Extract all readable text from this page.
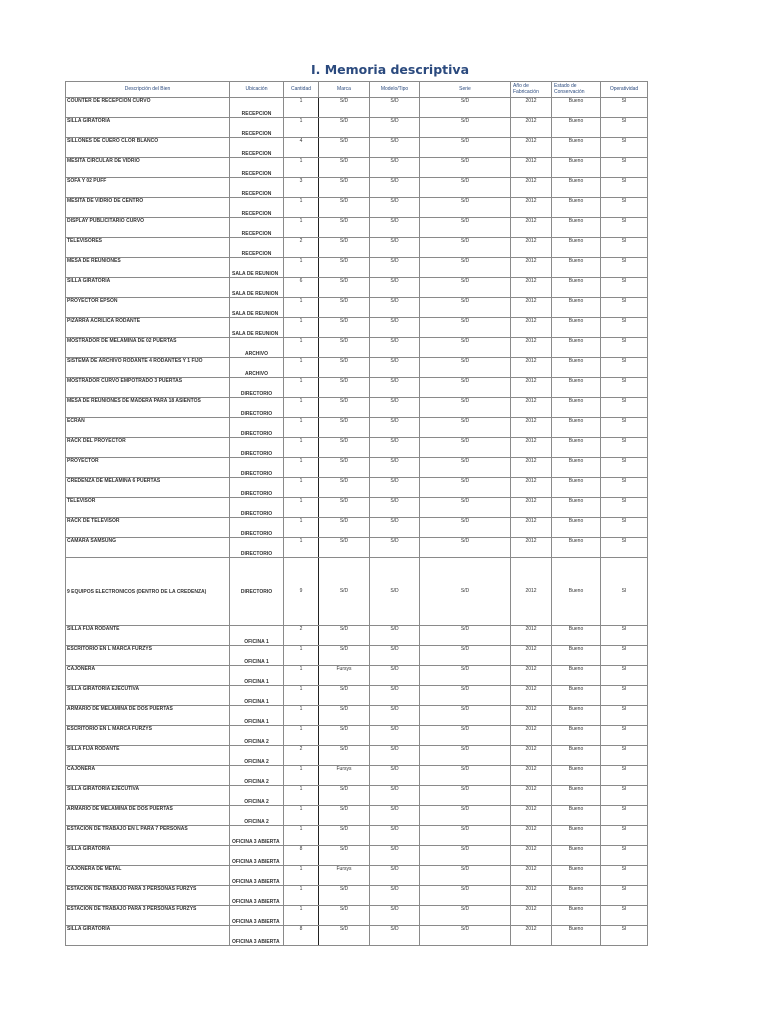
I. Memoria descriptiva
Descripción del Bien	Ubicación	Cantidad	Marca	Modelo/Tipo	Serie	Año de Fabricación	Estado de Conservación	Operatividad
COUNTER DE RECEPCION CURVO	RECEPCION	1	S/D	S/D	S/D	2012	Bueno	SI
SILLA GIRATORIA	RECEPCION	1	S/D	S/D	S/D	2012	Bueno	SI
SILLONES DE CUERO CLOR BLANCO	RECEPCION	4	S/D	S/D	S/D	2012	Bueno	SI
MESITA CIRCULAR DE VIDRIO	RECEPCION	1	S/D	S/D	S/D	2012	Bueno	SI
SOFA Y 02 PUFF	RECEPCION	3	S/D	S/D	S/D	2012	Bueno	SI
MESITA DE VIDRIO DE CENTRO	RECEPCION	1	S/D	S/D	S/D	2012	Bueno	SI
DISPLAY PUBLICITARIO CURVO	RECEPCION	1	S/D	S/D	S/D	2012	Bueno	SI
TELEVISORES	RECEPCION	2	S/D	S/D	S/D	2012	Bueno	SI
MESA DE REUNIONES	SALA DE REUNION	1	S/D	S/D	S/D	2012	Bueno	SI
SILLA GIRATORIA	SALA DE REUNION	6	S/D	S/D	S/D	2012	Bueno	SI
PROYECTOR EPSON	SALA DE REUNION	1	S/D	S/D	S/D	2012	Bueno	SI
PIZARRA ACRILICA RODANTE	SALA DE REUNION	1	S/D	S/D	S/D	2012	Bueno	SI
MOSTRADOR DE MELAMINA DE 02 PUERTAS	ARCHIVO	1	S/D	S/D	S/D	2012	Bueno	SI
SISTEMA DE ARCHIVO RODANTE 4 RODANTES Y 1 FIJO	ARCHIVO	1	S/D	S/D	S/D	2012	Bueno	SI
MOSTRADOR CURVO EMPOTRADO 3 PUERTAS	DIRECTORIO	1	S/D	S/D	S/D	2012	Bueno	SI
MESA DE REUNIONES DE MADERA PARA 18 ASIENTOS	DIRECTORIO	1	S/D	S/D	S/D	2012	Bueno	SI
ECRAN	DIRECTORIO	1	S/D	S/D	S/D	2012	Bueno	SI
RACK DEL PROYECTOR	DIRECTORIO	1	S/D	S/D	S/D	2012	Bueno	SI
PROYECTOR	DIRECTORIO	1	S/D	S/D	S/D	2012	Bueno	SI
CREDENZA DE MELAMINA 6 PUERTAS	DIRECTORIO	1	S/D	S/D	S/D	2012	Bueno	SI
TELEVISOR	DIRECTORIO	1	S/D	S/D	S/D	2012	Bueno	SI
RACK DE TELEVISOR	DIRECTORIO	1	S/D	S/D	S/D	2012	Bueno	SI
CAMARA SAMSUNG	DIRECTORIO	1	S/D	S/D	S/D	2012	Bueno	SI
9 EQUIPOS ELECTRONICOS (DENTRO DE LA CREDENZA)	DIRECTORIO	9	S/D	S/D	S/D	2012	Bueno	SI
SILLA FIJA RODANTE	OFICINA 1	2	S/D	S/D	S/D	2012	Bueno	SI
ESCRITORIO EN L MARCA FURZYS	OFICINA 1	1	S/D	S/D	S/D	2012	Bueno	SI
CAJONERA	OFICINA 1	1	Fursys	S/D	S/D	2012	Bueno	SI
SILLA GIRATORIA EJECUTIVA	OFICINA 1	1	S/D	S/D	S/D	2012	Bueno	SI
ARMARIO DE MELAMINA DE DOS PUERTAS	OFICINA 1	1	S/D	S/D	S/D	2012	Bueno	SI
ESCRITORIO EN L MARCA FURZYS	OFICINA 2	1	S/D	S/D	S/D	2012	Bueno	SI
SILLA FIJA RODANTE	OFICINA 2	2	S/D	S/D	S/D	2012	Bueno	SI
CAJONERA	OFICINA 2	1	Fursys	S/D	S/D	2012	Bueno	SI
SILLA GIRATORIA EJECUTIVA	OFICINA 2	1	S/D	S/D	S/D	2012	Bueno	SI
ARMARIO DE MELAMINA DE DOS PUERTAS	OFICINA 2	1	S/D	S/D	S/D	2012	Bueno	SI
ESTACION DE TRABAJO EN L PARA 7 PERSONAS	OFICINA 3 ABIERTA	1	S/D	S/D	S/D	2012	Bueno	SI
SILLA GIRATORIA	OFICINA 3 ABIERTA	8	S/D	S/D	S/D	2012	Bueno	SI
CAJONERA DE METAL	OFICINA 3 ABIERTA	1	Fursys	S/D	S/D	2012	Bueno	SI
ESTACION DE TRABAJO PARA 3 PERSONAS FURZYS	OFICINA 3 ABIERTA	1	S/D	S/D	S/D	2012	Bueno	SI
ESTACION DE TRABAJO PARA 3 PERSONAS FURZYS	OFICINA 3 ABIERTA	1	S/D	S/D	S/D	2012	Bueno	SI
SILLA GIRATORIA	OFICINA 3 ABIERTA	8	S/D	S/D	S/D	2012	Bueno	SI
